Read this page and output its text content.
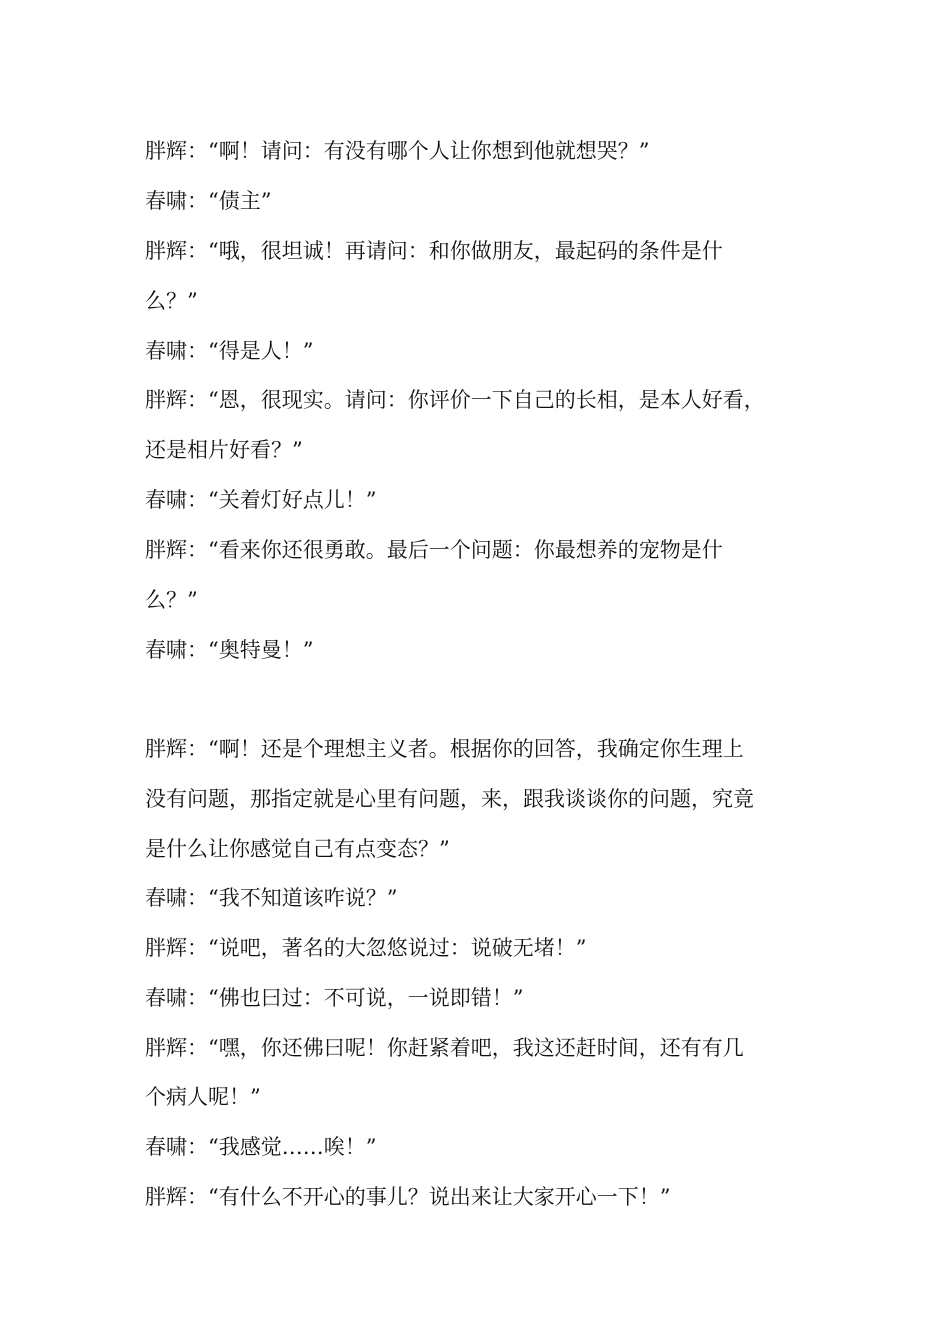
胖辉：“啊！请问：有没有哪个人让你想到他就想哭？”

春啸：“债主”

胖辉：“哦，很坦诚！再请问：和你做朋友，最起码的条件是什

么？”

春啸：“得是人！”

胖辉：“恩，很现实。请问：你评价一下自己的长相，是本人好看，

还是相片好看？”

春啸：“关着灯好点儿！”

胖辉：“看来你还很勇敢。最后一个问题：你最想养的宠物是什

么？”

春啸：“奥特曼！”

胖辉：“啊！还是个理想主义者。根据你的回答，我确定你生理上

没有问题，那指定就是心里有问题，来，跟我谈谈你的问题，究竟

是什么让你感觉自己有点变态？”

春啸：“我不知道该咋说？”

胖辉：“说吧，著名的大忽悠说过：说破无堵！”

春啸：“佛也曰过：不可说，一说即错！”

胖辉：“嘿，你还佛曰呢！你赶紧着吧，我这还赶时间，还有有几

个病人呢！”

春啸：“我感觉……唉！”

胖辉：“有什么不开心的事儿？说出来让大家开心一下！”
